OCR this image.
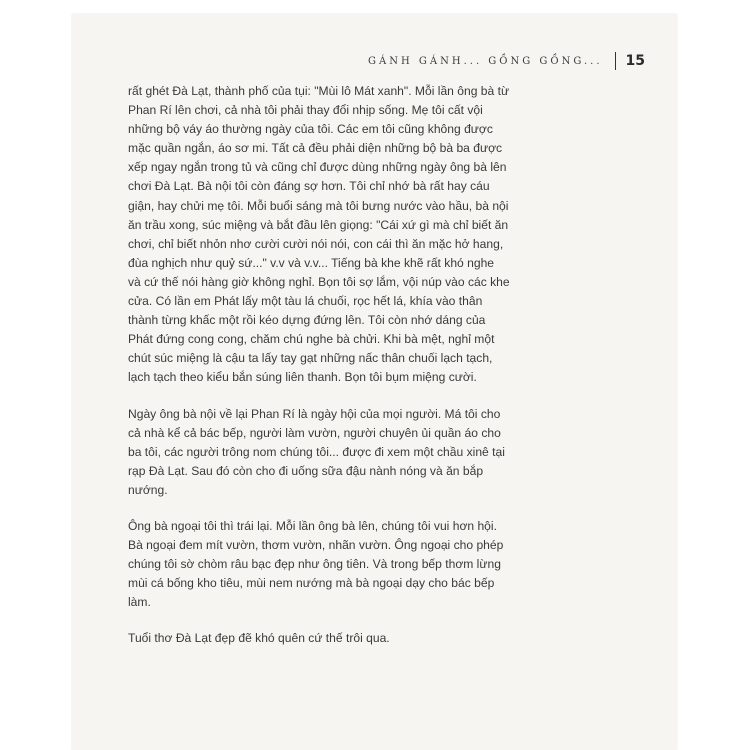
GÁNH GÁNH... GỒNG GỒNG... 15

rất ghét Đà Lạt, thành phố của tụi: "Mùi lô Mát xanh". Mỗi lần ông bà từ Phan Rí lên chơi, cả nhà tôi phải thay đổi nhịp sống. Mẹ tôi cất vội những bộ váy áo thường ngày của tôi. Các em tôi cũng không được mặc quần ngắn, áo sơ mi. Tất cả đều phải diện những bộ bà ba được xếp ngay ngắn trong tủ và cũng chỉ được dùng những ngày ông bà lên chơi Đà Lạt. Bà nội tôi còn đáng sợ hơn. Tôi chỉ nhớ bà rất hay cáu giận, hay chửi mẹ tôi. Mỗi buổi sáng mà tôi bưng nước vào hầu, bà nội ăn trầu xong, súc miệng và bắt đầu lên giọng: "Cái xứ gì mà chỉ biết ăn chơi, chỉ biết nhỏn nhơ cười cười nói nói, con cái thì ăn mặc hở hang, đùa nghịch như quỷ sứ..." v.v và v.v... Tiếng bà khe khẽ rất khó nghe và cứ thế nói hàng giờ không nghỉ. Bọn tôi sợ lắm, vội núp vào các khe cửa. Có lần em Phát lấy một tàu lá chuối, rọc hết lá, khía vào thân thành từng khấc một rồi kéo dựng đứng lên. Tôi còn nhớ dáng của Phát đứng cong cong, chăm chú nghe bà chửi. Khi bà mệt, nghỉ một chút súc miệng là cậu ta lấy tay gạt những nấc thân chuối lạch tạch, lạch tạch theo kiểu bắn súng liên thanh. Bọn tôi bụm miệng cười.

Ngày ông bà nội về lại Phan Rí là ngày hội của mọi người. Má tôi cho cả nhà kể cả bác bếp, người làm vườn, người chuyên ủi quần áo cho ba tôi, các người trông nom chúng tôi... được đi xem một chầu xinê tại rạp Đà Lạt. Sau đó còn cho đi uống sữa đậu nành nóng và ăn bắp nướng.

Ông bà ngoại tôi thì trái lại. Mỗi lần ông bà lên, chúng tôi vui hơn hội. Bà ngoại đem mít vườn, thơm vườn, nhãn vườn. Ông ngoại cho phép chúng tôi sờ chòm râu bạc đẹp như ông tiên. Và trong bếp thơm lừng mùi cá bống kho tiêu, mùi nem nướng mà bà ngoại dạy cho bác bếp làm.

Tuổi thơ Đà Lạt đẹp đẽ khó quên cứ thế trôi qua.
